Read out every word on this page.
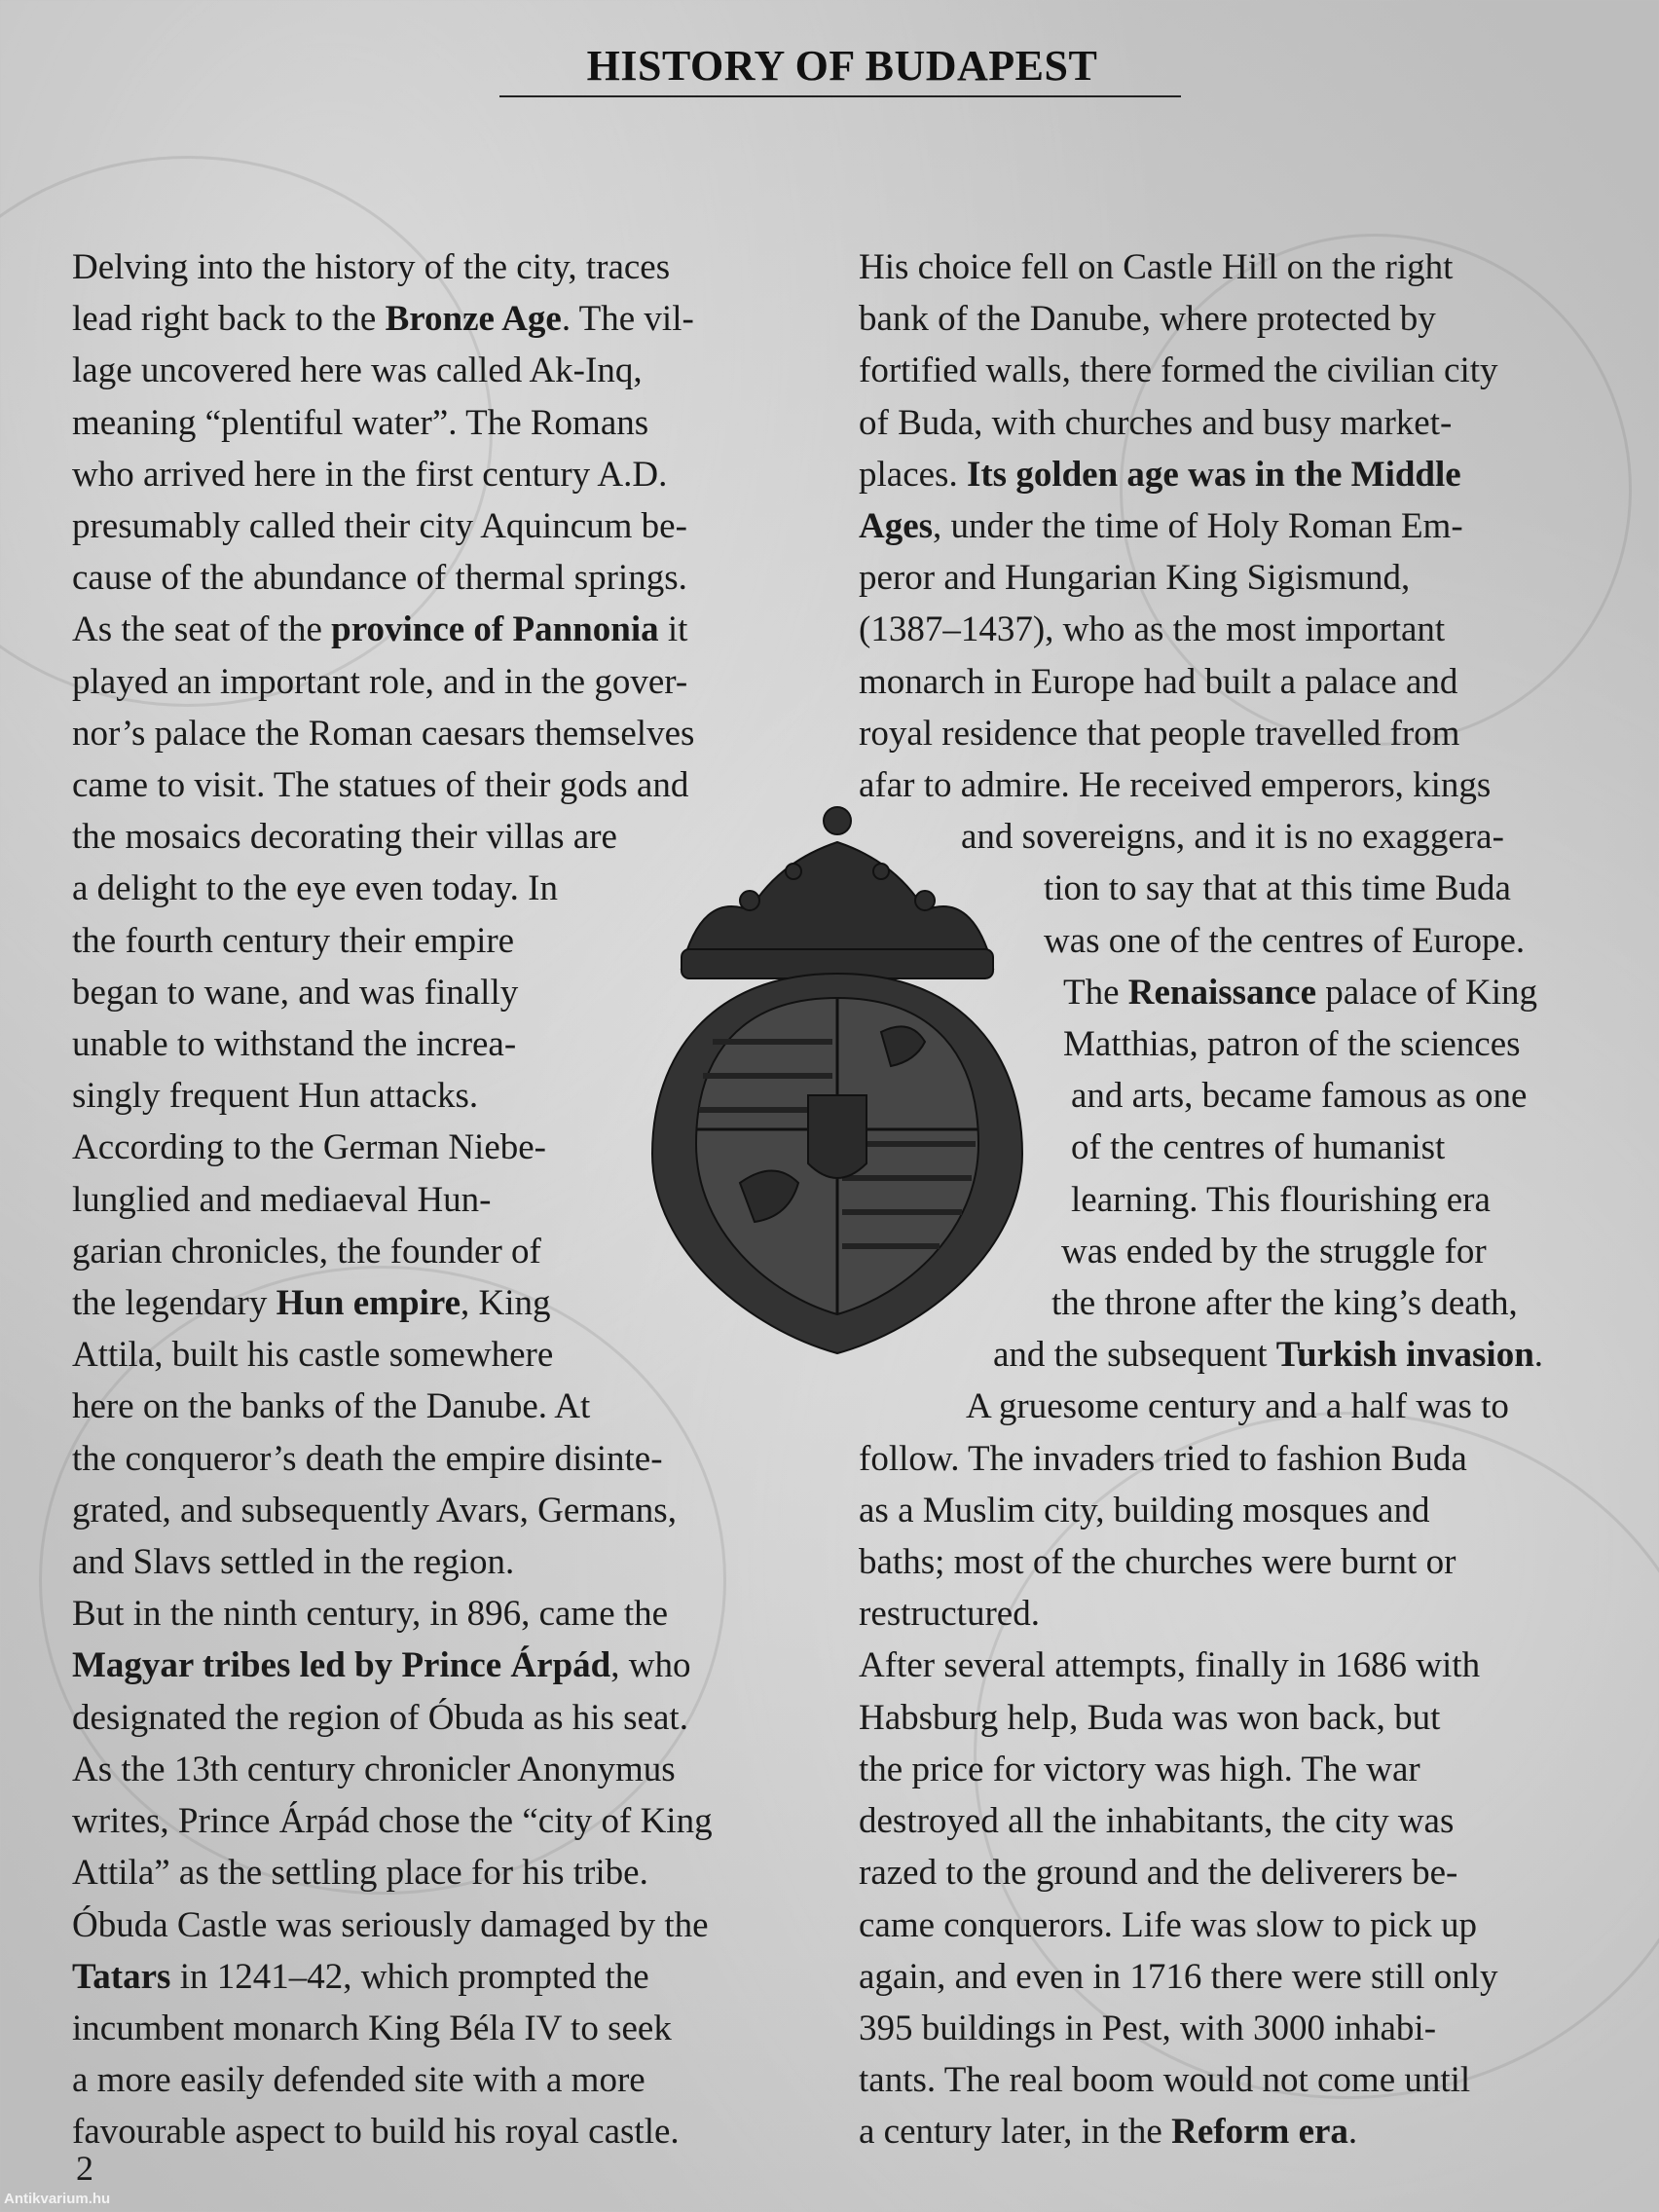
HISTORY OF BUDAPEST

Delving into the history of the city, traces

lead right back to the Bronze Age. The vil-

lage uncovered here was called Ak-Inq,

meaning “plentiful water”. The Romans

who arrived here in the first century A.D.

presumably called their city Aquincum be-

cause of the abundance of thermal springs.

As the seat of the province of Pannonia it

played an important role, and in the gover-

nor’s palace the Roman caesars themselves

came to visit. The statues of their gods and

the mosaics decorating their villas are

a delight to the eye even today. In

the fourth century their empire

began to wane, and was finally

unable to withstand the increa-

singly frequent Hun attacks.

According to the German Niebe-

lunglied and mediaeval Hun-

garian chronicles, the founder of

the legendary Hun empire, King

Attila, built his castle somewhere

here on the banks of the Danube. At

the conqueror’s death the empire disinte-

grated, and subsequently Avars, Germans,

and Slavs settled in the region.

But in the ninth century, in 896, came the

Magyar tribes led by Prince Árpád, who

designated the region of Óbuda as his seat.

As the 13th century chronicler Anonymus

writes, Prince Árpád chose the “city of King

Attila” as the settling place for his tribe.

Óbuda Castle was seriously damaged by the

Tatars in 1241–42, which prompted the

incumbent monarch King Béla IV to seek

a more easily defended site with a more

favourable aspect to build his royal castle.

His choice fell on Castle Hill on the right

bank of the Danube, where protected by

fortified walls, there formed the civilian city

of Buda, with churches and busy market-

places. Its golden age was in the Middle

Ages, under the time of Holy Roman Em-

peror and Hungarian King Sigismund,

(1387–1437), who as the most important

monarch in Europe had built a palace and

royal residence that people travelled from

afar to admire. He received emperors, kings

and sovereigns, and it is no exaggera-

tion to say that at this time Buda

was one of the centres of Europe.

The Renaissance palace of King

Matthias, patron of the sciences

and arts, became famous as one

of the centres of humanist

learning. This flourishing era

was ended by the struggle for

the throne after the king’s death,

and the subsequent Turkish invasion.

A gruesome century and a half was to

follow. The invaders tried to fashion Buda

as a Muslim city, building mosques and

baths; most of the churches were burnt or

restructured.

After several attempts, finally in 1686 with

Habsburg help, Buda was won back, but

the price for victory was high. The war

destroyed all the inhabitants, the city was

razed to the ground and the deliverers be-

came conquerors. Life was slow to pick up

again, and even in 1716 there were still only

395 buildings in Pest, with 3000 inhabi-

tants. The real boom would not come until

a century later, in the Reform era.

2
Antikvarium.hu
